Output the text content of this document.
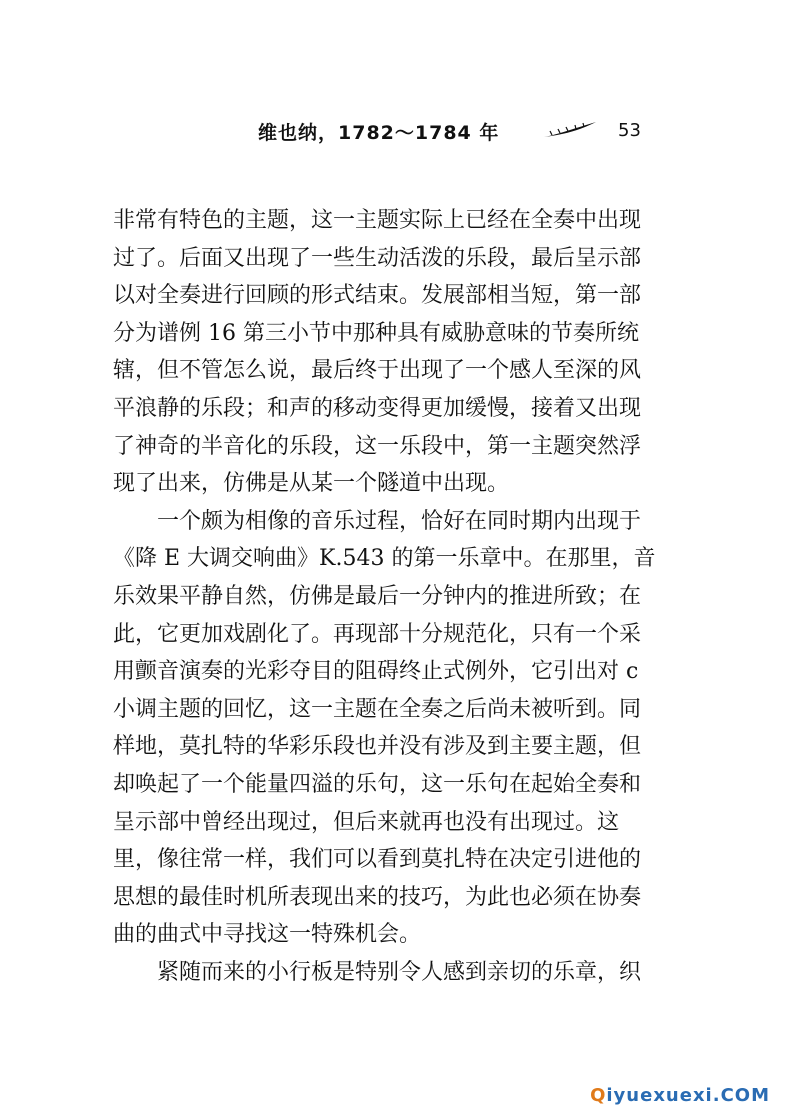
维也纳，1782～1784 年	53
非常有特色的主题，这一主题实际上已经在全奏中出现
过了。后面又出现了一些生动活泼的乐段，最后呈示部
以对全奏进行回顾的形式结束。发展部相当短，第一部
分为谱例 16 第三小节中那种具有威胁意味的节奏所统
辖，但不管怎么说，最后终于出现了一个感人至深的风
平浪静的乐段；和声的移动变得更加缓慢，接着又出现
了神奇的半音化的乐段，这一乐段中，第一主题突然浮
现了出来，仿佛是从某一个隧道中出现。
一个颇为相像的音乐过程，恰好在同时期内出现于
《降 E 大调交响曲》K.543 的第一乐章中。在那里，音
乐效果平静自然，仿佛是最后一分钟内的推进所致；在
此，它更加戏剧化了。再现部十分规范化，只有一个采
用颤音演奏的光彩夺目的阻碍终止式例外，它引出对 c
小调主题的回忆，这一主题在全奏之后尚未被听到。同
样地，莫扎特的华彩乐段也并没有涉及到主要主题，但
却唤起了一个能量四溢的乐句，这一乐句在起始全奏和
呈示部中曾经出现过，但后来就再也没有出现过。这
里，像往常一样，我们可以看到莫扎特在决定引进他的
思想的最佳时机所表现出来的技巧，为此也必须在协奏
曲的曲式中寻找这一特殊机会。
紧随而来的小行板是特别令人感到亲切的乐章，织
Qiyuexuexi.COM
